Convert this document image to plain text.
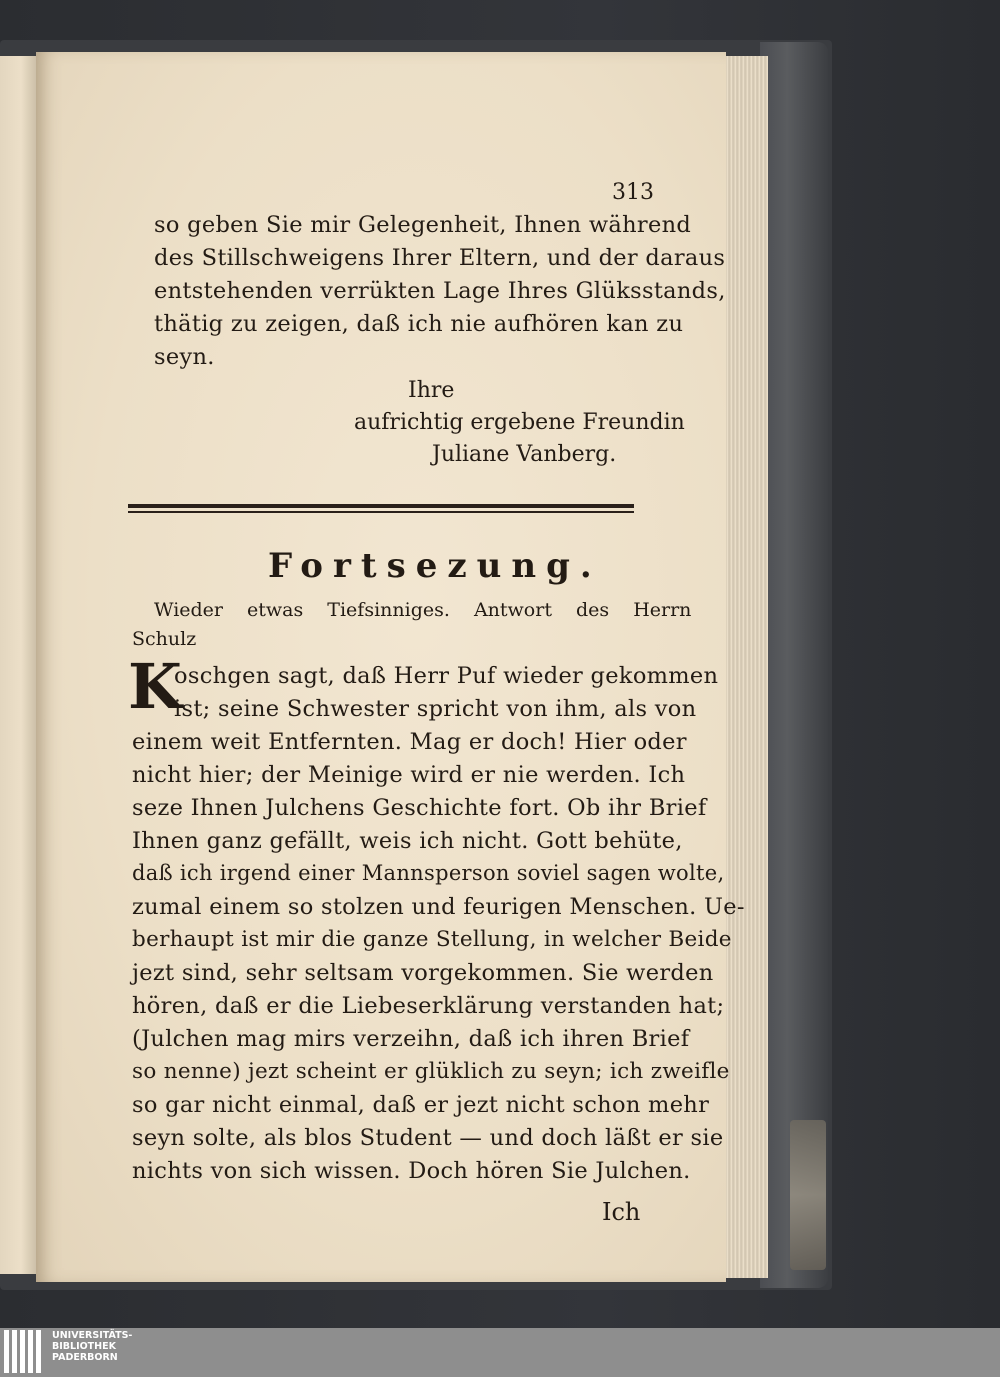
313
so geben Sie mir Gelegenheit, Ihnen während
des Stillschweigens Ihrer Eltern, und der daraus
entstehenden verrükten Lage Ihres Glüksstands,
thätig zu zeigen, daß ich nie aufhören kan zu
seyn.
Ihre
aufrichtig ergebene Freundin
Juliane Vanberg.
Fortsezung.
Wieder etwas Tiefsinniges. Antwort des Herrn
Schulz
K
oschgen sagt, daß Herr Puf wieder gekommen
ist; seine Schwester spricht von ihm, als von
einem weit Entfernten. Mag er doch! Hier oder
nicht hier; der Meinige wird er nie werden. Ich
seze Ihnen Julchens Geschichte fort. Ob ihr Brief
Ihnen ganz gefällt, weis ich nicht. Gott behüte,
daß ich irgend einer Mannsperson soviel sagen wolte,
zumal einem so stolzen und feurigen Menschen. Ue-
berhaupt ist mir die ganze Stellung, in welcher Beide
jezt sind, sehr seltsam vorgekommen. Sie werden
hören, daß er die Liebeserklärung verstanden hat;
(Julchen mag mirs verzeihn, daß ich ihren Brief
so nenne) jezt scheint er glüklich zu seyn; ich zweifle
so gar nicht einmal, daß er jezt nicht schon mehr
seyn solte, als blos Student — und doch läßt er sie
nichts von sich wissen. Doch hören Sie Julchen.
Ich
UNIVERSITÄTS-
BIBLIOTHEK
PADERBORN
